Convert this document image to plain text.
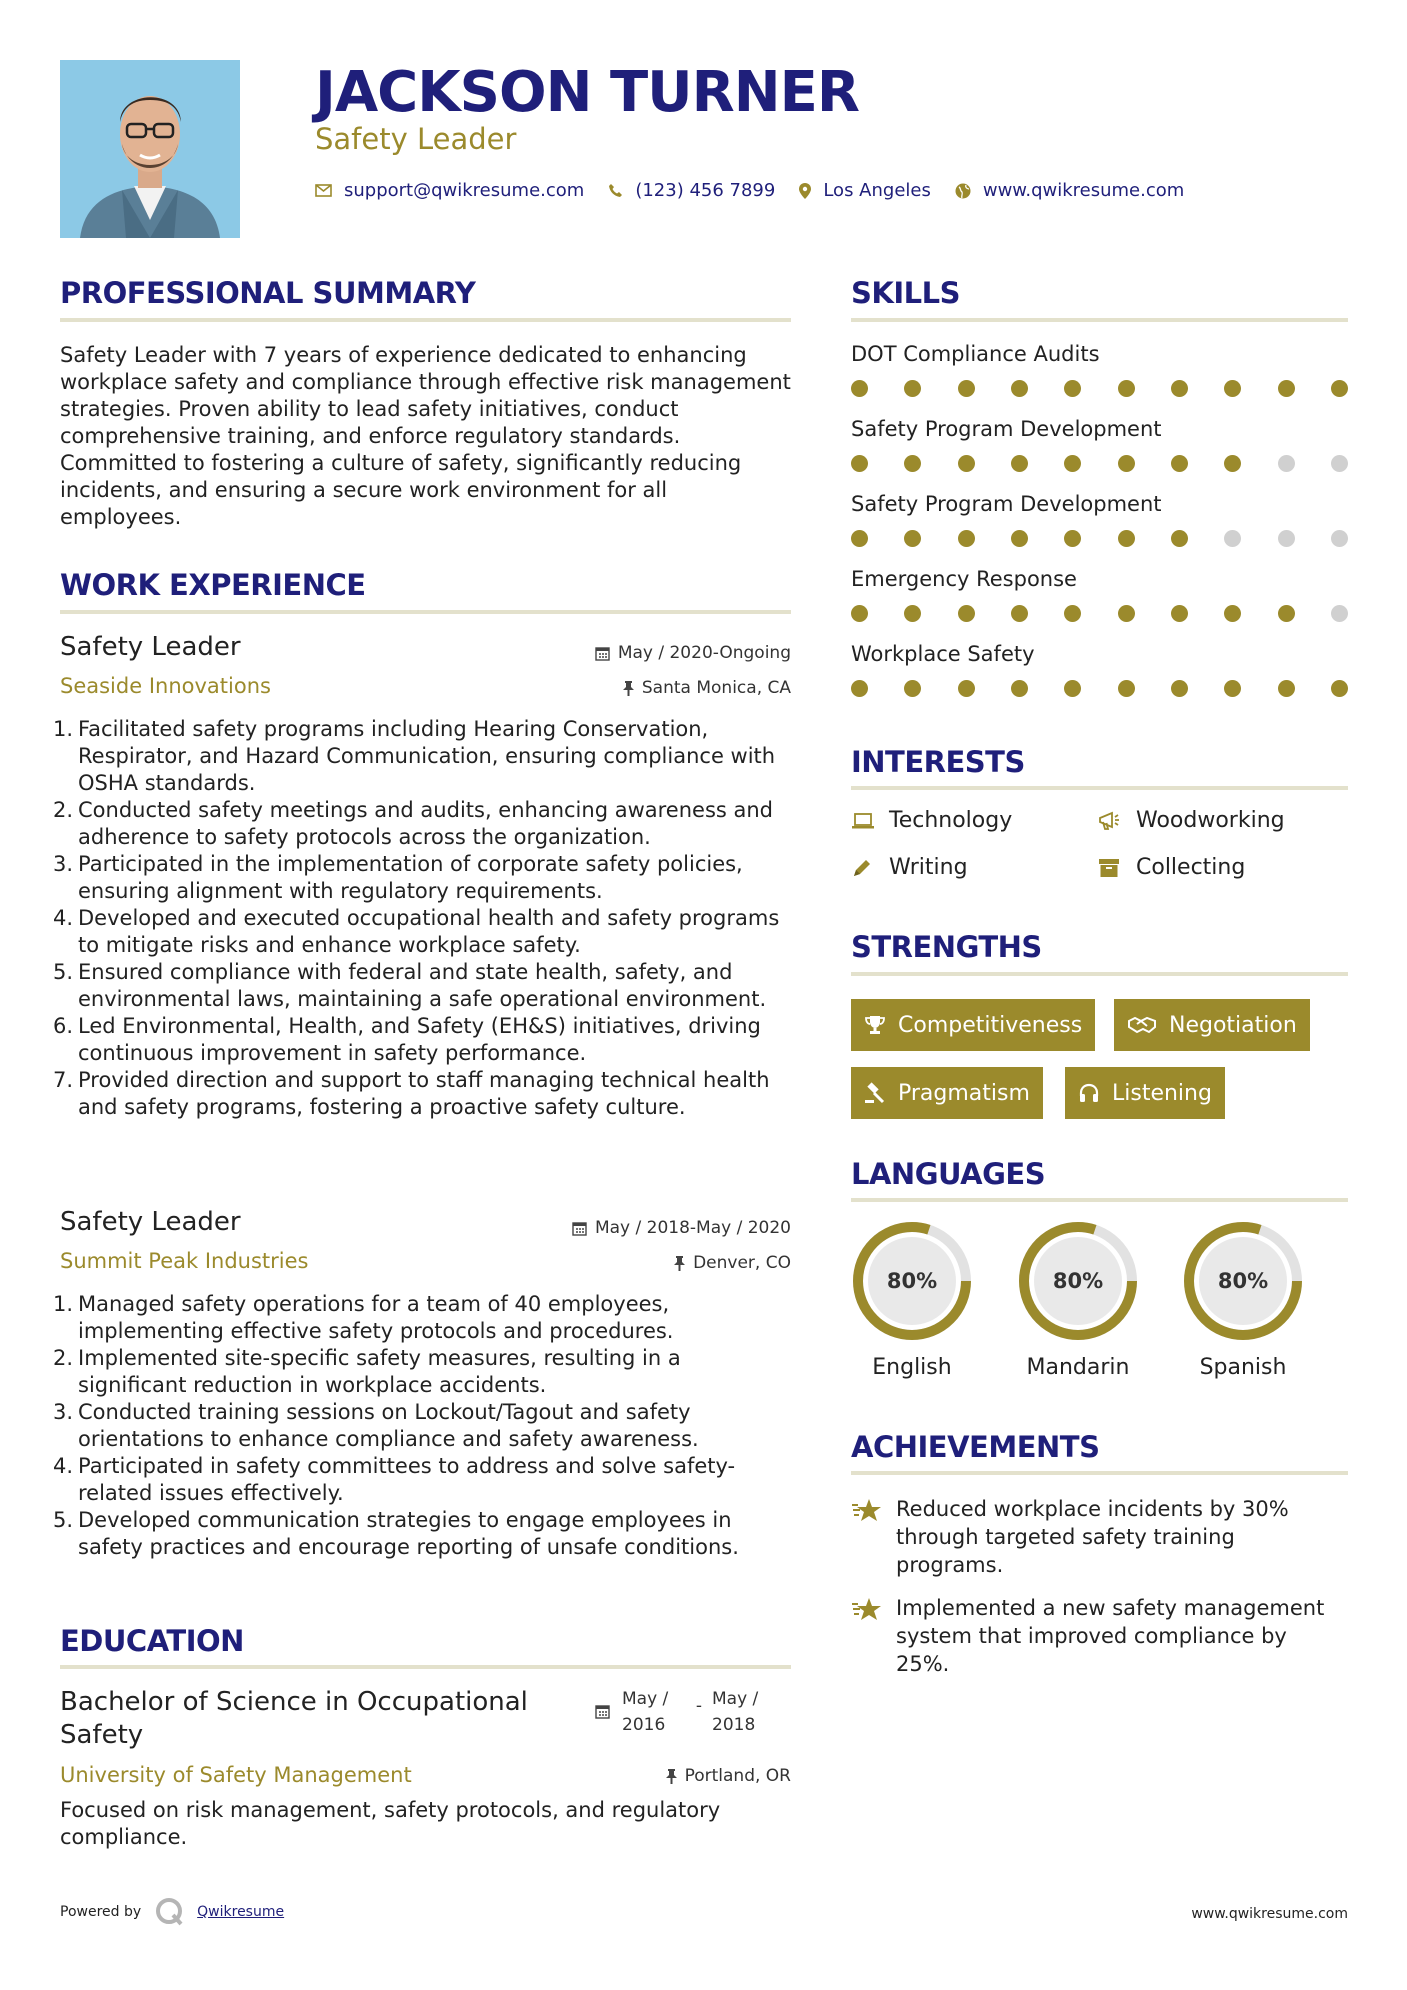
JACKSON TURNER
Safety Leader
support@qwikresume.com	(123) 456 7899	Los Angeles	www.qwikresume.com
PROFESSIONAL SUMMARY
Safety Leader with 7 years of experience dedicated to enhancing workplace safety and compliance through effective risk management strategies. Proven ability to lead safety initiatives, conduct comprehensive training, and enforce regulatory standards. Committed to fostering a culture of safety, significantly reducing incidents, and ensuring a secure work environment for all employees.
WORK EXPERIENCE
Safety Leader	May / 2020-Ongoing
Seaside Innovations	Santa Monica, CA
1. Facilitated safety programs including Hearing Conservation, Respirator, and Hazard Communication, ensuring compliance with OSHA standards.
2. Conducted safety meetings and audits, enhancing awareness and adherence to safety protocols across the organization.
3. Participated in the implementation of corporate safety policies, ensuring alignment with regulatory requirements.
4. Developed and executed occupational health and safety programs to mitigate risks and enhance workplace safety.
5. Ensured compliance with federal and state health, safety, and environmental laws, maintaining a safe operational environment.
6. Led Environmental, Health, and Safety (EH&S) initiatives, driving continuous improvement in safety performance.
7. Provided direction and support to staff managing technical health and safety programs, fostering a proactive safety culture.
Safety Leader	May / 2018-May / 2020
Summit Peak Industries	Denver, CO
1. Managed safety operations for a team of 40 employees, implementing effective safety protocols and procedures.
2. Implemented site-specific safety measures, resulting in a significant reduction in workplace accidents.
3. Conducted training sessions on Lockout/Tagout and safety orientations to enhance compliance and safety awareness.
4. Participated in safety committees to address and solve safety-related issues effectively.
5. Developed communication strategies to engage employees in safety practices and encourage reporting of unsafe conditions.
EDUCATION
Bachelor of Science in Occupational Safety
May /
2016
- May /
2018
University of Safety Management	Portland, OR
Focused on risk management, safety protocols, and regulatory compliance.
SKILLS
DOT Compliance Audits
Safety Program Development
Safety Program Development
Emergency Response
Workplace Safety
INTERESTS
Technology	Woodworking
Writing	Collecting
STRENGTHS
Competitiveness	Negotiation
Pragmatism	Listening
LANGUAGES
80%
English
80%
Mandarin
80%
Spanish
ACHIEVEMENTS
Reduced workplace incidents by 30% through targeted safety training programs.
Implemented a new safety management system that improved compliance by 25%.
Powered by	Qwikresume	www.qwikresume.com
